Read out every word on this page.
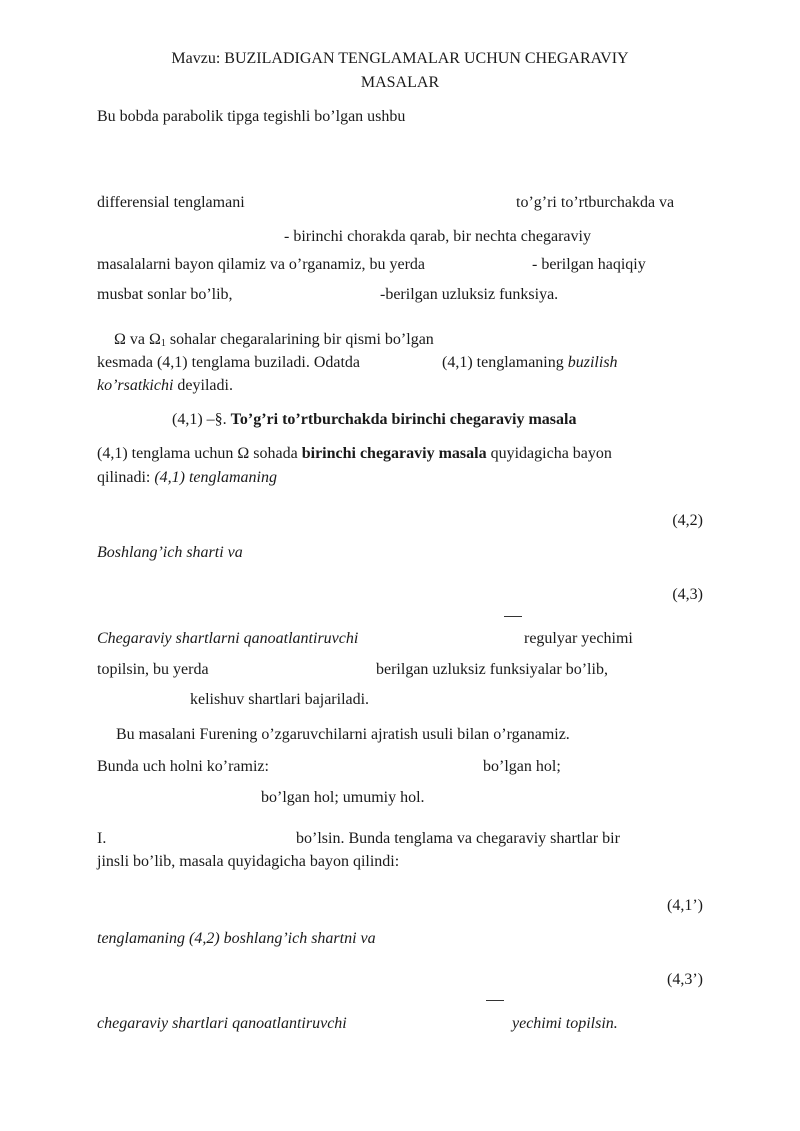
Mavzu: BUZILADIGAN TENGLAMALAR UCHUN CHEGARAVIY
MASALAR
Bu bobda parabolik tipga tegishli bo’lgan ushbu
differensial tenglamani	to’g’ri to’rtburchakda va
- birinchi chorakda qarab, bir nechta chegaraviy
masalalarni bayon qilamiz va o’rganamiz, bu yerda	- berilgan haqiqiy
musbat sonlar bo’lib,	-berilgan uzluksiz funksiya.
Ω va $\Omega_1$ sohalar chegaralarining bir qismi bo’lgan
kesmada (4,1) tenglama buziladi. Odatda	(4,1) tenglamaning buzilish
ko’rsatkichi deyiladi.
(4,1) –§. To’g’ri to’rtburchakda birinchi chegaraviy masala
(4,1) tenglama uchun Ω sohada birinchi chegaraviy masala quyidagicha bayon
qilinadi: (4,1) tenglamaning
(4,2)
Boshlang’ich sharti va
(4,3)
Chegaraviy shartlarni qanoatlantiruvchi	regulyar yechimi
topilsin, bu yerda	berilgan uzluksiz funksiyalar bo’lib,
kelishuv shartlari bajariladi.
Bu masalani Furening o’zgaruvchilarni ajratish usuli bilan o’rganamiz.
Bunda uch holni ko’ramiz:	bo’lgan hol;
bo’lgan hol; umumiy hol.
I.	bo’lsin. Bunda tenglama va chegaraviy shartlar bir
jinsli bo’lib, masala quyidagicha bayon qilindi:
(4,1’)
tenglamaning (4,2) boshlang’ich shartni va
(4,3’)
chegaraviy shartlari qanoatlantiruvchi	yechimi topilsin.
